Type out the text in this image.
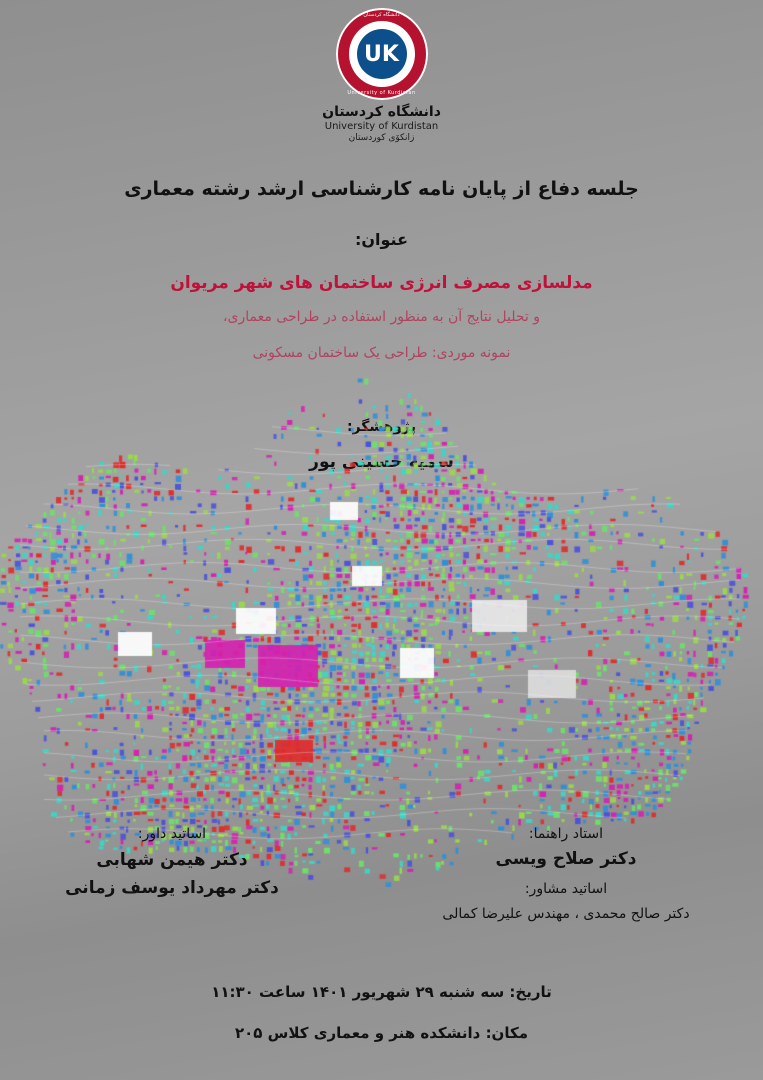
دانشگاه کردستان
University of Kurdistan
UK
دانشگاه کردستان
University of Kurdistan
زانکۆی کوردستان
جلسه دفاع از پایان نامه کارشناسی ارشد رشته معماری
عنوان:
مدلسازی مصرف انرژی ساختمان های شهر مریوان
و تحلیل نتایج آن به منظور استفاده در طراحی معماری،
نمونه موردی: طراحی یک ساختمان مسکونی
استاد راهنما:
دکتر صلاح ویسی
اساتید مشاور:
دکتر صالح محمدی ، مهندس علیرضا کمالی
اساتید داور:
دکتر هیمن شهابی
دکتر مهرداد یوسف زمانی
تاریخ: سه شنبه ۲۹ شهریور ۱۴۰۱ ساعت ۱۱:۳۰
مکان: دانشکده هنر و معماری کلاس ۲۰۵
